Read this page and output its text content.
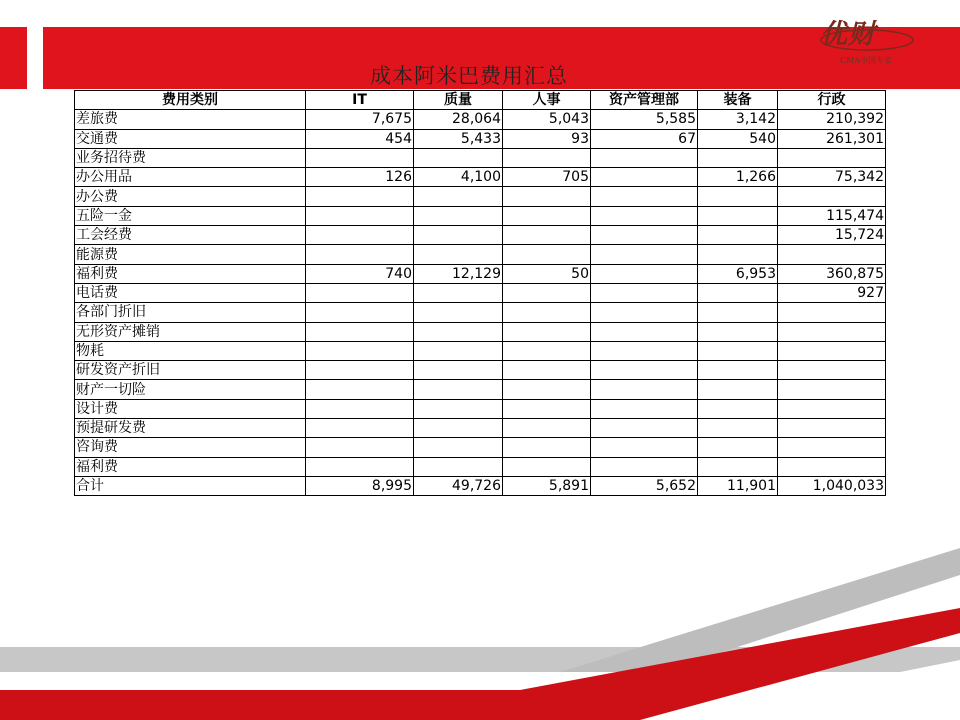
优财
CMA中国专家
成本阿米巴费用汇总
费用类别	IT	质量	人事	资产管理部	装备	行政
差旅费	7,675	28,064	5,043	5,585	3,142	210,392
交通费	454	5,433	93	67	540	261,301
业务招待费						
办公用品	126	4,100	705		1,266	75,342
办公费						
五险一金						115,474
工会经费						15,724
能源费						
福利费	740	12,129	50		6,953	360,875
电话费						927
各部门折旧						
无形资产摊销						
物耗						
研发资产折旧						
财产一切险						
设计费						
预提研发费						
咨询费						
福利费						
合计	8,995	49,726	5,891	5,652	11,901	1,040,033
